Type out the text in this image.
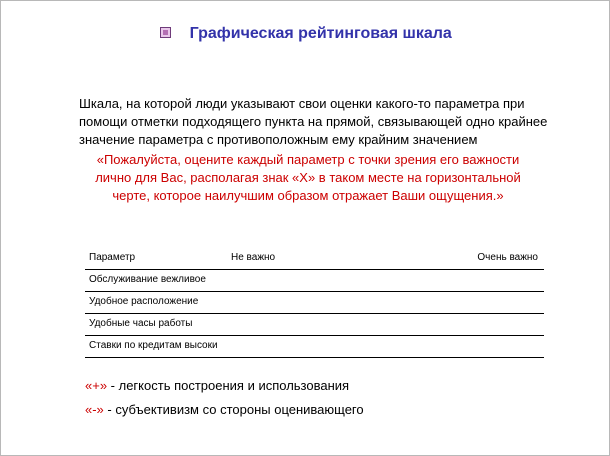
Графическая рейтинговая шкала
Шкала, на которой люди указывают свои оценки какого-то параметра при помощи отметки подходящего пункта на прямой, связывающей одно крайнее значение параметра с противоположным ему крайним значением
«Пожалуйста, оцените каждый параметр с точки зрения его важности лично для Вас, располагая знак «Х» в таком месте на горизонтальной черте, которое наилучшим образом отражает Ваши ощущения.»
Параметр	Не важно	Очень важно
Обслуживание вежливое
Удобное расположение
Удобные часы работы
Ставки по кредитам высоки
«+» - легкость построения и использования
«-» - субъективизм со стороны оценивающего
